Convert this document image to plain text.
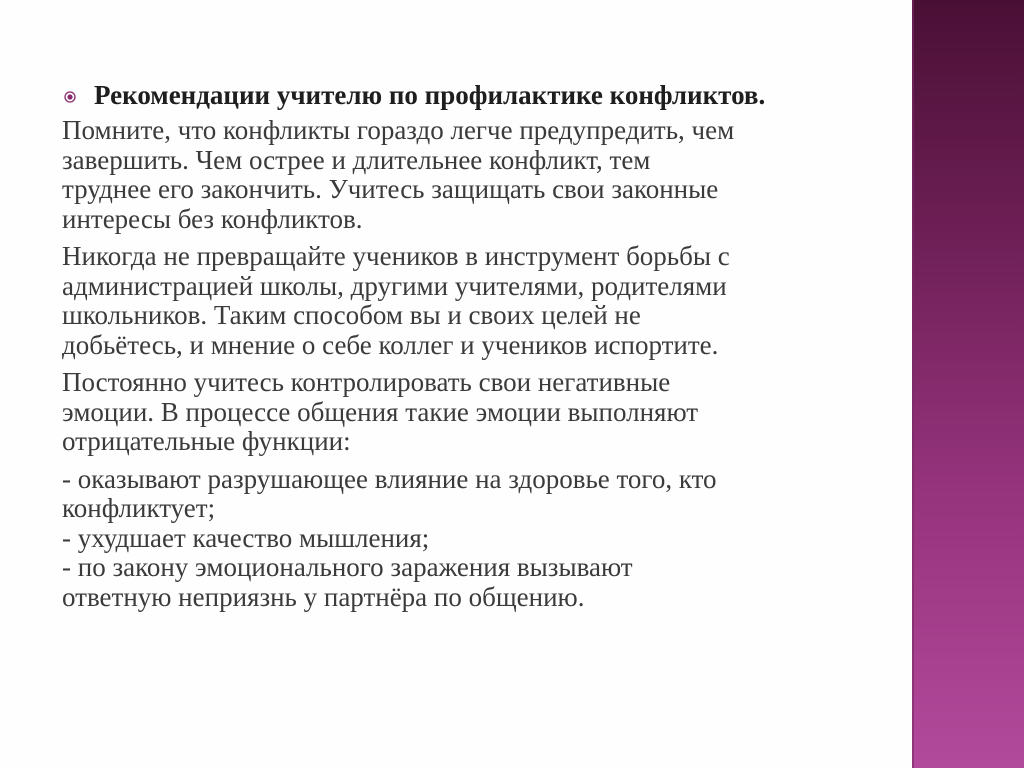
Рекомендации учителю по профилактике конфликтов.

Помните, что конфликты гораздо легче предупредить, чем
завершить. Чем острее и длительнее конфликт, тем
труднее его закончить. Учитесь защищать свои законные
интересы без конфликтов.

Никогда не превращайте учеников в инструмент борьбы с
администрацией школы, другими учителями, родителями
школьников. Таким способом вы и своих целей не
добьётесь, и мнение о себе коллег и учеников испортите.

Постоянно учитесь контролировать свои негативные
эмоции. В процессе общения такие эмоции выполняют
отрицательные функции:

- оказывают разрушающее влияние на здоровье того, кто
конфликтует;
- ухудшает качество мышления;
- по закону эмоционального заражения вызывают
ответную неприязнь у партнёра по общению.
